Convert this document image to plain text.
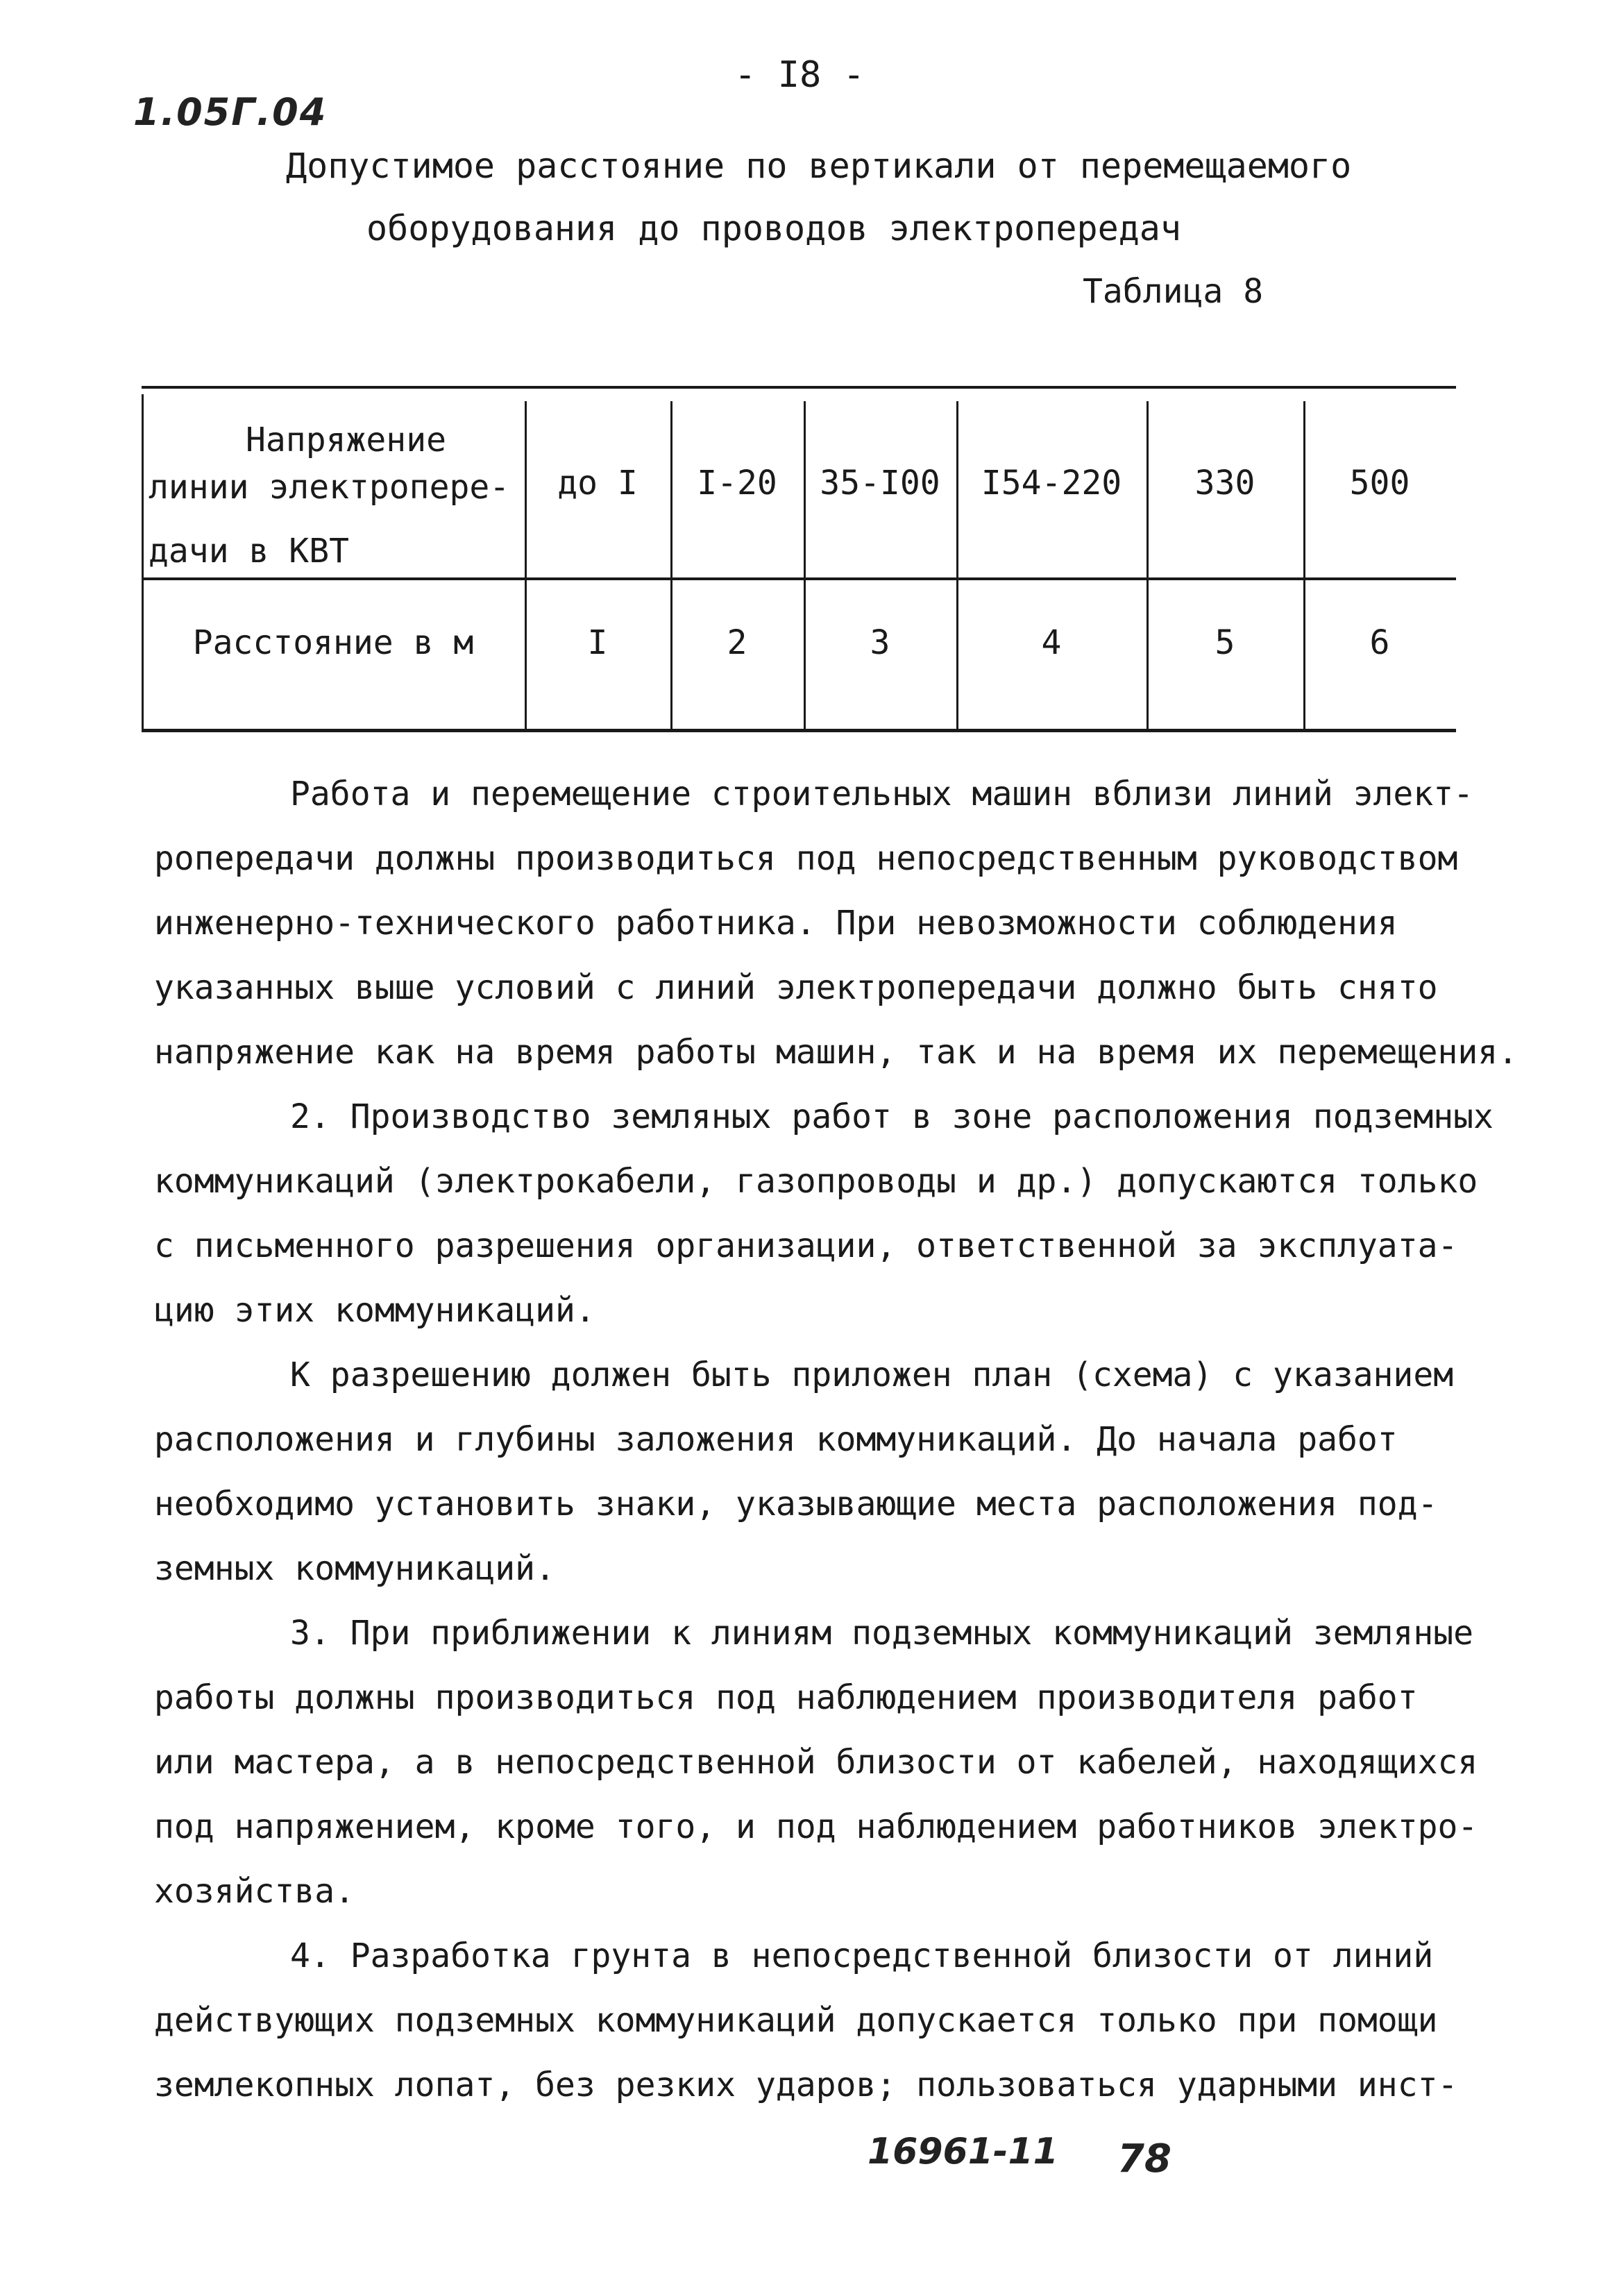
- I8 -
1.05Г.04
Допустимое расстояние по вертикали от перемещаемого
оборудования до проводов электропередач
Таблица 8
Напряжение
линии электропере-
дачи в КВТ
до I	I-20	35-I00	I54-220	330	500
Расстояние в м	I	2	3	4	5	6
Работа и перемещение строительных машин вблизи линий элект-
ропередачи должны производиться под непосредственным руководством
инженерно-технического работника. При невозможности соблюдения
указанных выше условий с линий электропередачи должно быть снято
напряжение как на время работы машин, так и на время их перемещения.
2. Производство земляных работ в зоне расположения подземных
коммуникаций (электрокабели, газопроводы и др.) допускаются только
с письменного разрешения организации, ответственной за эксплуата-
цию этих коммуникаций.
К разрешению должен быть приложен план (схема) с указанием
расположения и глубины заложения коммуникаций. До начала работ
необходимо установить знаки, указывающие места расположения под-
земных коммуникаций.
3. При приближении к линиям подземных коммуникаций земляные
работы должны производиться под наблюдением производителя работ
или мастера, а в непосредственной близости от кабелей, находящихся
под напряжением, кроме того, и под наблюдением работников электро-
хозяйства.
4. Разработка грунта в непосредственной близости от линий
действующих подземных коммуникаций допускается только при помощи
землекопных лопат, без резких ударов; пользоваться ударными инст-
16961-11 78
